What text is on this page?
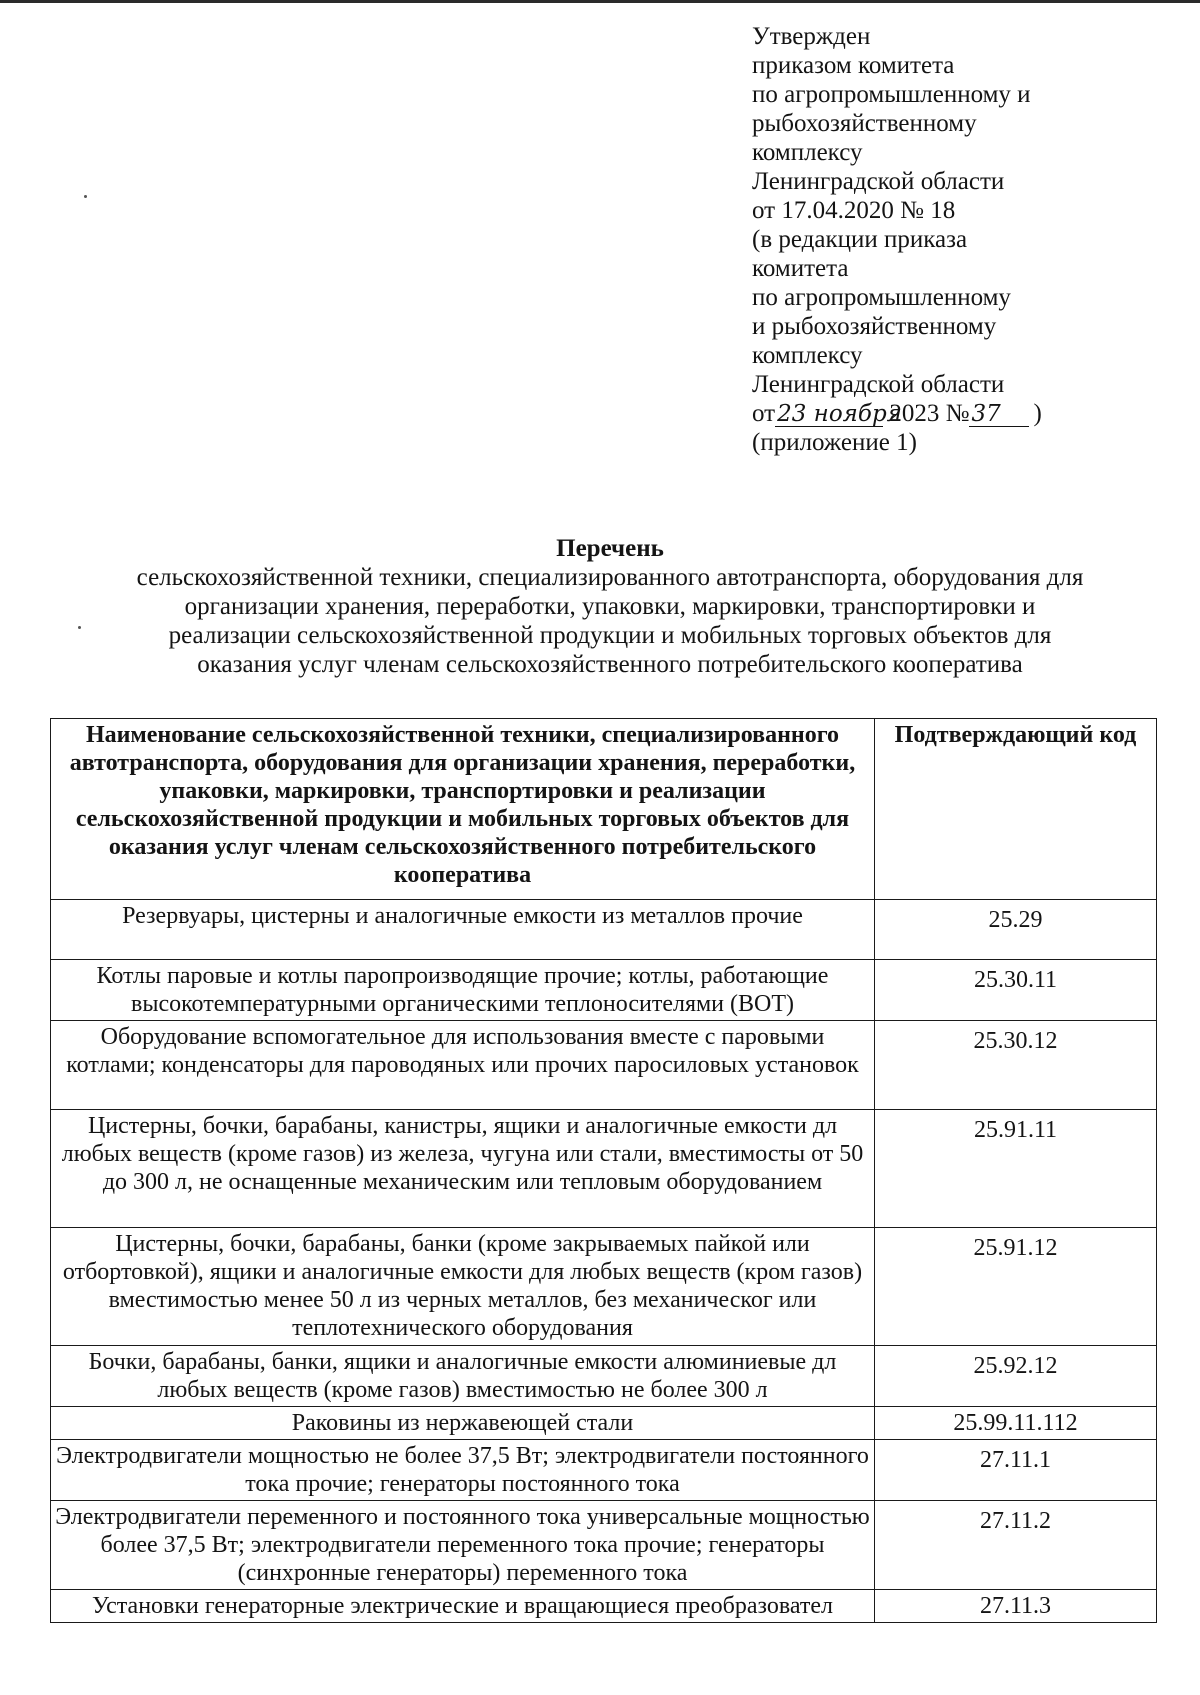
Утвержден
приказом комитета
по агропромышленному и
рыбохозяйственному
комплексу
Ленинградской области
от 17.04.2020 № 18
(в редакции приказа
комитета
по агропромышленному
и рыбохозяйственному
комплексу
Ленинградской области
от23 ноября 2023 №37 )
(приложение 1)
Перечень
сельскохозяйственной техники, специализированного автотранспорта, оборудования для
организации хранения, переработки, упаковки, маркировки, транспортировки и
реализации сельскохозяйственной продукции и мобильных торговых объектов для
оказания услуг членам сельскохозяйственного потребительского кооператива
Наименование сельскохозяйственной техники, специализированного автотранспорта, оборудования для организации хранения, переработки, упаковки, маркировки, транспортировки и реализации сельскохозяйственной продукции и мобильных торговых объектов для оказания услуг членам сельскохозяйственного потребительского кооператива	Подтверждающий код
Резервуары, цистерны и аналогичные емкости из металлов прочие	25.29
Котлы паровые и котлы паропроизводящие прочие; котлы, работающие высокотемпературными органическими теплоносителями (ВОТ)	25.30.11
Оборудование вспомогательное для использования вместе с паровыми котлами; конденсаторы для пароводяных или прочих паросиловых установок	25.30.12
Цистерны, бочки, барабаны, канистры, ящики и аналогичные емкости дл любых веществ (кроме газов) из железа, чугуна или стали, вместимосты от 50 до 300 л, не оснащенные механическим или тепловым оборудованием	25.91.11
Цистерны, бочки, барабаны, банки (кроме закрываемых пайкой или отбортовкой), ящики и аналогичные емкости для любых веществ (кром газов) вместимостью менее 50 л из черных металлов, без механическог или теплотехнического оборудования	25.91.12
Бочки, барабаны, банки, ящики и аналогичные емкости алюминиевые дл любых веществ (кроме газов) вместимостью не более 300 л	25.92.12
Раковины из нержавеющей стали	25.99.11.112
Электродвигатели мощностью не более 37,5 Вт; электродвигатели постоянного тока прочие; генераторы постоянного тока	27.11.1
Электродвигатели переменного и постоянного тока универсальные мощностью более 37,5 Вт; электродвигатели переменного тока прочие; генераторы (синхронные генераторы) переменного тока	27.11.2
Установки генераторные электрические и вращающиеся преобразовател	27.11.3
